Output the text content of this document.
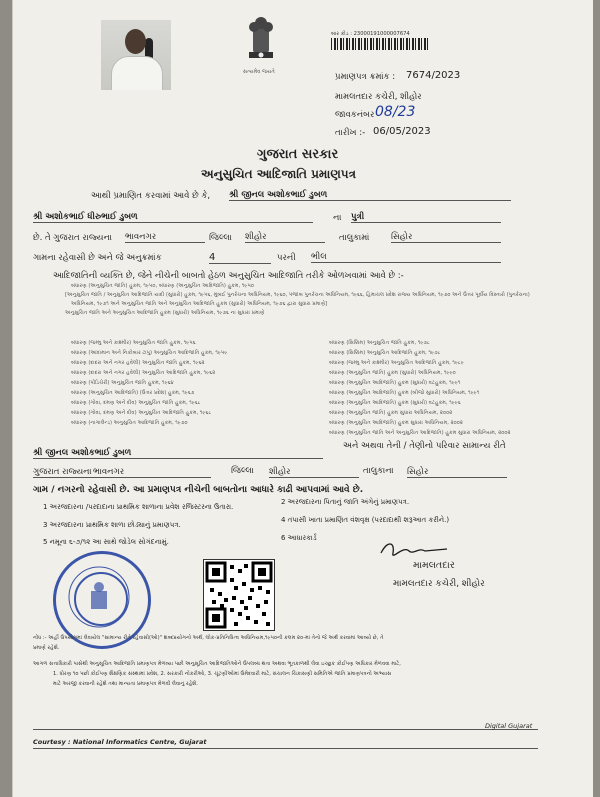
સત્યમેવ જયતે
બાર કોડ : 23000191000007674
પ્રમાણપત્ર ક્રમાંક : 7674/2023
મામલતદાર કચેરી, શીહોર
જાવકનંબર 08/23
તારીખ :- 06/05/2023
ગુજરાત સરકાર
અનુસુચિત આદિજાતિ પ્રમાણપત્ર
આથી પ્રમાણિત કરવામાં આવે છે કે, શ્રી જીનલ અશોકભાઈ ડુબળ
શ્રી અશોકભાઈ ધીરુભાઈ ડુબળ	ના પુત્રી
છે. તે ગુજરાત રાજ્યના ભાવનગર	જિલ્લા શીહોર	તાલુકામાં	સિહોર
ગામના રહેવાસી છે અને જે અનુક્રમાંક	4	પરની ભીલ
આદિજાતિની વ્યક્તિ છે, જેને નીચેની બાબતો હેઠળ અનુસુચિત આદિજાતિ તરીકે ઓળખવામાં આવે છે :-
બંધારણ (અનુસુચિત જાતિ) હુકમ, ૧૯૫૦, બંધારણ (અનુસુચિત આદિજાતિ) હુકમ, ૧૯૫૦
[અનુસુચિત જાતિ / અનુસુચિત આદિજાતિ યાદી (સુધારો) હુકમ, ૧૯૫૬, મુંબઈ પુનર્રચના અધિનિયમ, ૧૯૬૦, પંજાબ પુનર્રચના અધિનિયમ, ૧૯૬૬, હિમાચલ પ્રદેશ રાજ્ય અધિનિયમ, ૧૯૭૦ અને ઉત્તર પૂર્વીય વિસ્તારો (પુનર્રચના)
અધિનિયમ, ૧૯૭૧ અને અનુસુચિત જાતિ અને અનુસુચિત આદિજાતિ હુકમ (સુધારો) અધિનિયમ, ૧૯૭૬ દ્વારા સુધારા પ્રમાણે]
અનુસુચિત જાતિ અને અનુસુચિત આદિજાતિ હુકમ (સુધારો) અધિનિયમ, ૧૯૭૬ ના સુધારા પ્રમાણે
બંધારણ (જમ્મુ અને કાશ્મીર) અનુસુચિત જાતિ હુકમ, ૧૯૫૬
બંધારણ (આંદામાન અને નિકોબાર ટાપુ) અનુસુચિત આદિજાતિ હુકમ, ૧૯૫૯
બંધારણ (દાદરા અને નગર હવેલી) અનુસુચિત જાતિ હુકમ, ૧૯૬૨
બંધારણ (દાદરા અને નગર હવેલી) અનુસુચિત આદિજાતિ હુકમ, ૧૯૬૨
બંધારણ (પોંડિચેરી) અનુસુચિત જાતિ હુકમ, ૧૯૬૪
બંધારણ (અનુસુચિત આદિજાતિ) (ઉત્તર પ્રદેશ) હુકમ, ૧૯૬૭
બંધારણ (ગોવા, દમણ અને દીવ) અનુસુચિત જાતિ હુકમ, ૧૯૬૮
બંધારણ (ગોવા, દમણ અને દીવ) અનુસુચિત આદિજાતિ હુકમ, ૧૯૬૮
બંધારણ (નાગાલેન્ડ) અનુસુચિત આદિજાતિ હુકમ, ૧૯૭૦
બંધારણ (સિક્કિમ) અનુસુચિત જાતિ હુકમ, ૧૯૭૮
બંધારણ (સિક્કિમ) અનુસુચિત આદિજાતિ હુકમ, ૧૯૭૮
બંધારણ (જમ્મુ અને કાશ્મીર) અનુસુચિત આદિજાતિ હુકમ, ૧૯૮૯
બંધારણ (અનુસુચિત જાતિ) હુકમ (સુધારો) અધિનિયમ, ૧૯૯૦
બંધારણ (અનુસુચિત આદિજાતિ) હુકમ (સુધારો) વટહુકમ, ૧૯૯૧
બંધારણ (અનુસુચિત આદિજાતિ) હુકમ (બીજો સુધારો) અધિનિયમ, ૧૯૯૧
બંધારણ (અનુસુચિત આદિજાતિ) હુકમ (સુધારો) વટહુકમ, ૧૯૯૬
બંધારણ (અનુસુચિત જાતિ) હુકમ સુધારા અધિનિયમ, ૨૦૦૨
બંધારણ (અનુસુચિત આદિજાતિ) હુકમ સુધારા અધિનિયમ, ૨૦૦૨
બંધારણ (અનુસુચિત જાતિ અને અનુસુચિત આદિજાતિ) હુકમ સુધારા અધિનિયમ, ૨૦૦૨
શ્રી જીનલ અશોકભાઈ ડુબળ
અને અથવા તેની / તેણીનો પરિવાર સામાન્ય રીતે
ગુજરાત રાજ્યના ભાવનગર	જિલ્લા શીહોર	તાલુકાના સિહોર
ગામ / નગરનો રહેવાસી છે. આ પ્રમાણપત્ર નીચેની બાબતોના આધારે કાઢી આપવામાં આવે છે.
1 અરજદારના /પરદાદાના પ્રાથમિક શાળાના પ્રવેશ રજિસ્ટરના ઉતારા.
3 અરજદારના પ્રાથમિક શાળા છોડ્યાનું પ્રમાણપત્ર.
5 નમૂના ૬-૭/૧૨ આ સાથે જોડેલ સોગંદનામું.
2 અરજદારના પિતાનું જાતિ અંગેનું પ્રમાણપત્ર.
4 તપાસી ખાતા પ્રમાણિત વંશવૃક્ષ (પરદાદાથી શરૂઆત કરીને.)
6 આધારકાર્ડ
મામલતદાર
મામલતદાર કચેરી, શીહોર
નોંધ :- અહીં ઉપયોગમાં લેવાયેલ "સામાન્ય રીતે રહેવાસી(ઓ)" શબ્દપ્રયોગનો અર્થ, લોક-પ્રતિનિધિત્વ અધિનિયમ,૧૯૫૦ની કલમ ૨૦-માં તેનો જે અર્થ કરવામાં આવ્યો છે, તે
પ્રમાણે રહેશે.
આગળ સત્તાધિકારી પાસેથી અનુસૂચિત આદિજાતિ પ્રમાણપત્ર મેળવ્યા પછી અનુસૂચિત આદિજાતિઓને ઉપલબ્ધ થતા અથવા ભૂતકાળથી લેવા ઇચ્છુક કોઈપણ અધિકાર મેળવવા માટે,
1. ધોરણ ૧૦ પછી કોઈપણ શૈક્ષણિક સંસ્થામાં પ્રવેશ, 2. સરકારી નોકરીઓ, 3. ચૂંટણીઓમાં ઉમેદવારી માટે, સંચાલન ચિકાસણી સમિતિએ જાતિ પ્રમાણપત્રનો અભ્યાસ
માટે અરજી કરવાની રહેશે તથા માન્યતા પ્રમાણપત્ર મેળવી લેવાનું રહેશે.
Courtesy : National Informatics Centre, Gujarat
Digital Gujarat
